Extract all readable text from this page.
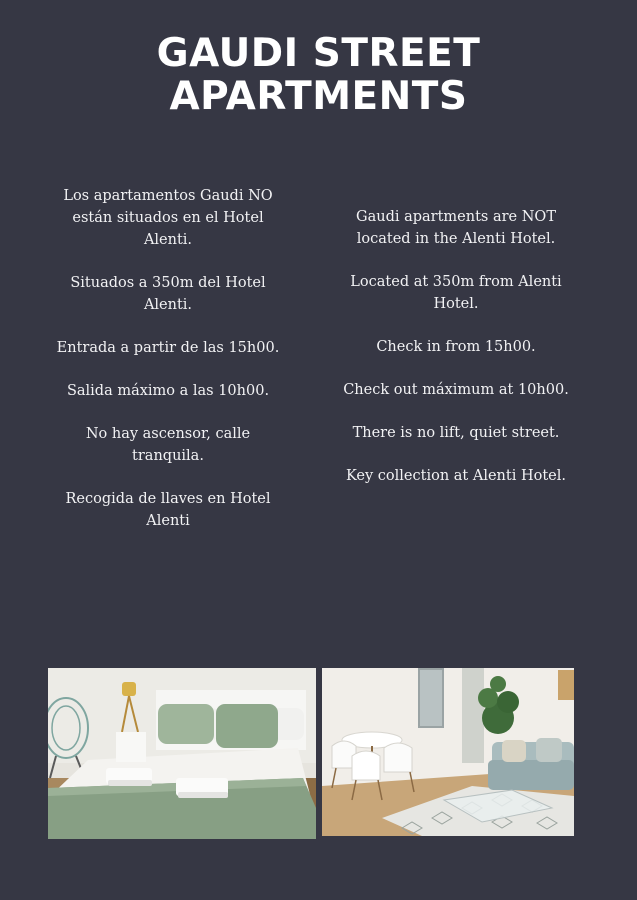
GAUDI STREET
APARTMENTS

Los apartamentos Gaudi NO están situados en el Hotel Alenti.

Situados a 350m del Hotel Alenti.

Entrada a partir de las 15h00.

Salida máximo a las 10h00.

No hay ascensor, calle tranquila.

Recogida de llaves en Hotel Alenti

Gaudi apartments are NOT located in the Alenti Hotel.

Located at 350m from Alenti Hotel.

Check in from 15h00.

Check out máximum at 10h00.

There is no lift, quiet street.

Key collection at Alenti Hotel.
